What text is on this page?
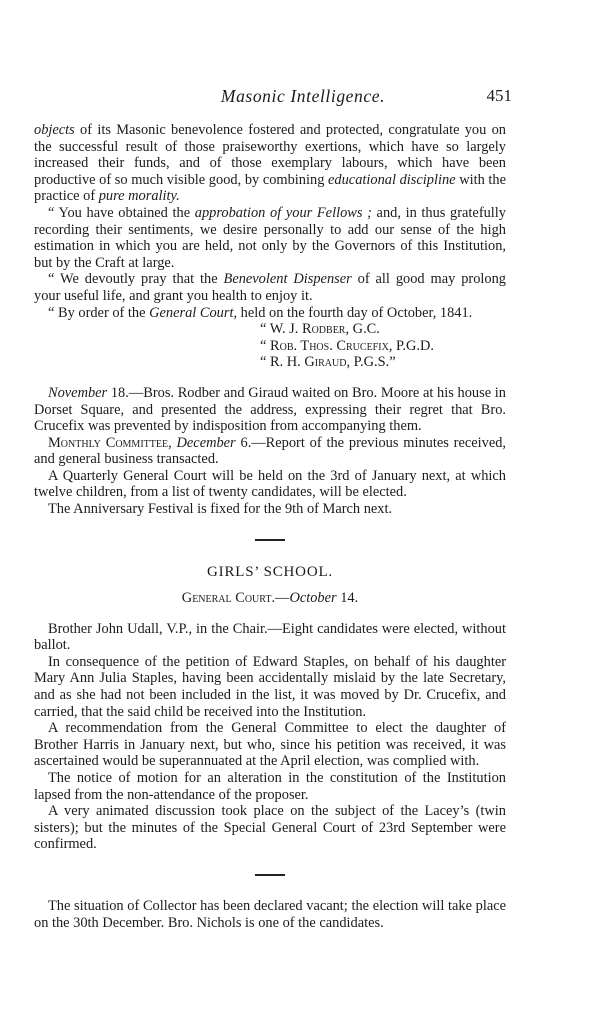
Masonic Intelligence.	451

objects of its Masonic benevolence fostered and protected, congratulate you on the successful result of those praiseworthy exertions, which have so largely increased their funds, and of those exemplary labours, which have been productive of so much visible good, by combining educational discipline with the practice of pure morality.

“ You have obtained the approbation of your Fellows ; and, in thus gratefully recording their sentiments, we desire personally to add our sense of the high estimation in which you are held, not only by the Governors of this Institution, but by the Craft at large.

“ We devoutly pray that the Benevolent Dispenser of all good may prolong your useful life, and grant you health to enjoy it.

“ By order of the General Court, held on the fourth day of October, 1841.

“ W. J. Rodber, G.C.

“ Rob. Thos. Crucefix, P.G.D.

“ R. H. Giraud, P.G.S.”

November 18.—Bros. Rodber and Giraud waited on Bro. Moore at his house in Dorset Square, and presented the address, expressing their regret that Bro. Crucefix was prevented by indisposition from accompanying them.

Monthly Committee, December 6.—Report of the previous minutes received, and general business transacted.

A Quarterly General Court will be held on the 3rd of January next, at which twelve children, from a list of twenty candidates, will be elected.

The Anniversary Festival is fixed for the 9th of March next.

GIRLS’ SCHOOL.

General Court.—October 14.

Brother John Udall, V.P., in the Chair.—Eight candidates were elected, without ballot.

In consequence of the petition of Edward Staples, on behalf of his daughter Mary Ann Julia Staples, having been accidentally mislaid by the late Secretary, and as she had not been included in the list, it was moved by Dr. Crucefix, and carried, that the said child be received into the Institution.

A recommendation from the General Committee to elect the daughter of Brother Harris in January next, but who, since his petition was received, it was ascertained would be superannuated at the April election, was complied with.

The notice of motion for an alteration in the constitution of the Institution lapsed from the non-attendance of the proposer.

A very animated discussion took place on the subject of the Lacey’s (twin sisters); but the minutes of the Special General Court of 23rd September were confirmed.

The situation of Collector has been declared vacant; the election will take place on the 30th December. Bro. Nichols is one of the candidates.
